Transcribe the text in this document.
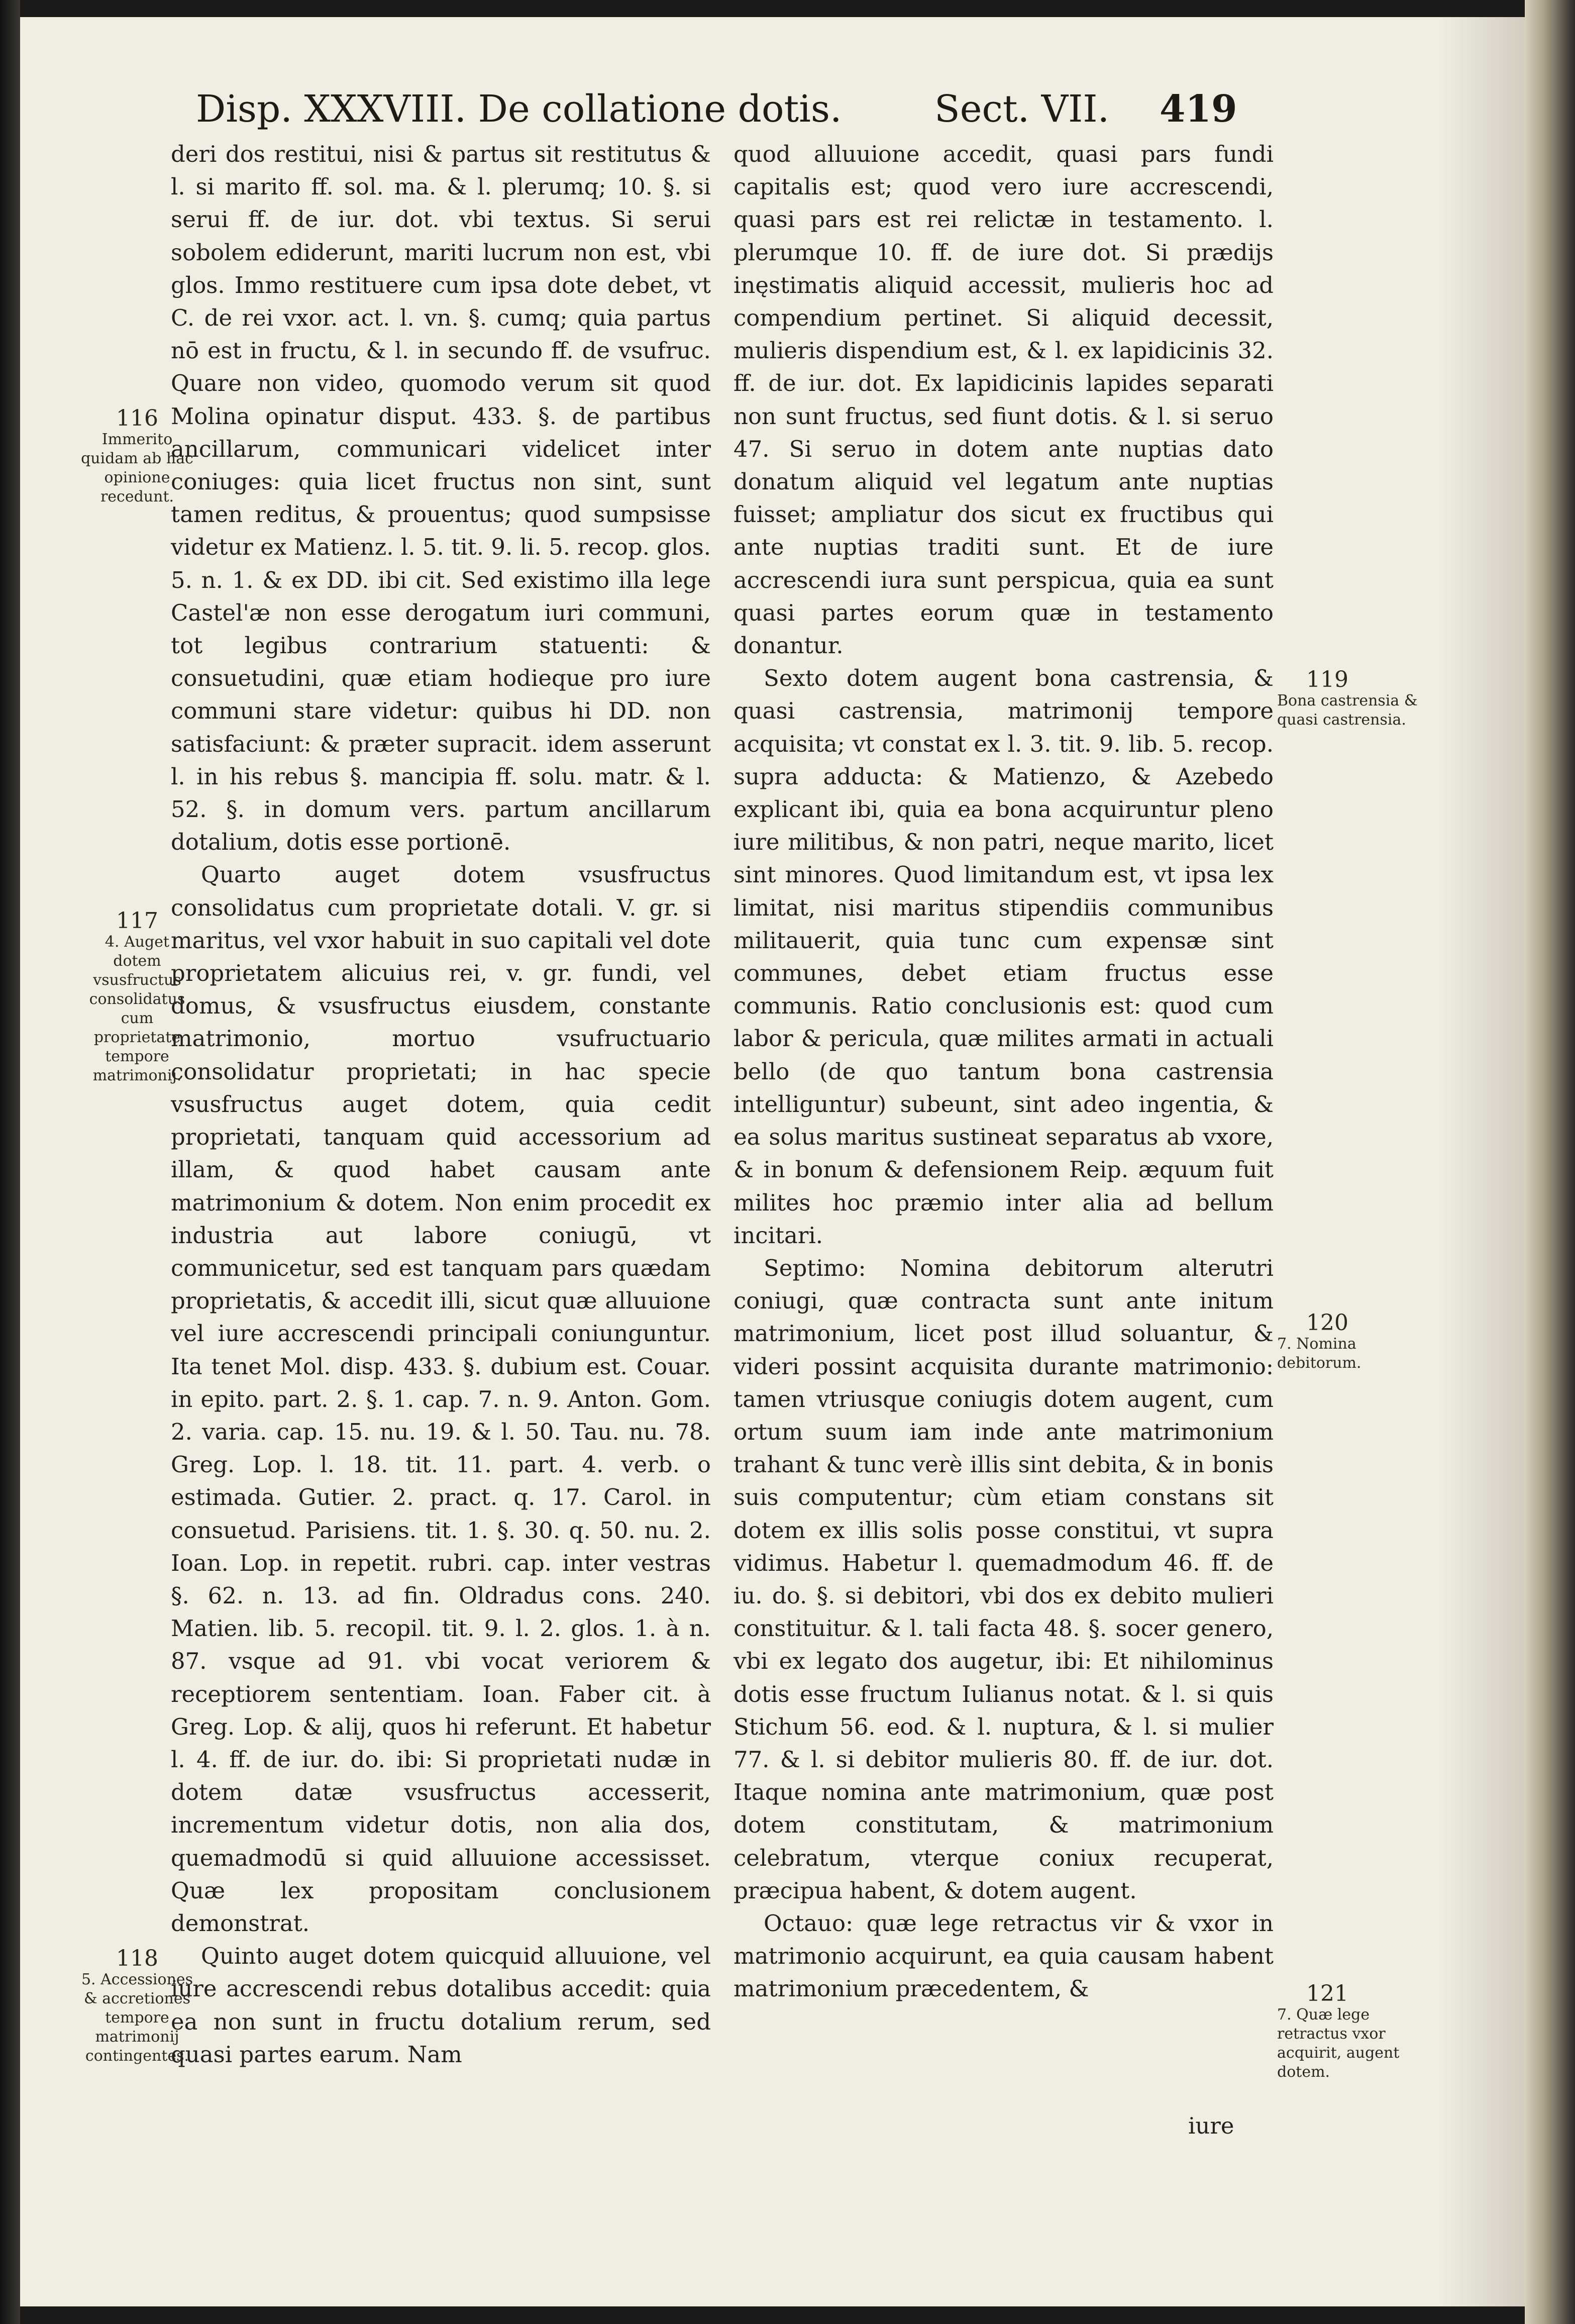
Disp. XXXVIII. De collatione dotis. Sect. VII. 419

deri dos restitui, nisi & partus sit restitutus & l. si marito ff. sol. ma. & l. plerumq; 10. §. si serui ff. de iur. dot. vbi textus. Si serui sobolem ediderunt, mariti lucrum non est, vbi glos. Immo restituere cum ipsa dote debet, vt C. de rei vxor. act. l. vn. §. cumq; quia partus nō est in fructu, & l. in secundo ff. de vsufruc. Quare non video, quomodo verum sit quod Molina opinatur disput. 433. §. de partibus ancillarum, communicari videlicet inter coniuges: quia licet fructus non sint, sunt tamen reditus, & prouentus; quod sumpsisse videtur ex Matienz. l. 5. tit. 9. li. 5. recop. glos. 5. n. 1. & ex DD. ibi cit. Sed existimo illa lege Castel'æ non esse derogatum iuri communi, tot legibus contrarium statuenti: & consuetudini, quæ etiam hodieque pro iure communi stare videtur: quibus hi DD. non satisfaciunt: & præter supracit. idem asserunt l. in his rebus §. mancipia ff. solu. matr. & l. 52. §. in domum vers. partum ancillarum dotalium, dotis esse portionē.

Quarto auget dotem vsusfructus consolidatus cum proprietate dotali. V. gr. si maritus, vel vxor habuit in suo capitali vel dote proprietatem alicuius rei, v. gr. fundi, vel domus, & vsusfructus eiusdem, constante matrimonio, mortuo vsufructuario consolidatur proprietati; in hac specie vsusfructus auget dotem, quia cedit proprietati, tanquam quid accessorium ad illam, & quod habet causam ante matrimonium & dotem. Non enim procedit ex industria aut labore coniugū, vt communicetur, sed est tanquam pars quædam proprietatis, & accedit illi, sicut quæ alluuione vel iure accrescendi principali coniunguntur. Ita tenet Mol. disp. 433. §. dubium est. Couar. in epito. part. 2. §. 1. cap. 7. n. 9. Anton. Gom. 2. varia. cap. 15. nu. 19. & l. 50. Tau. nu. 78. Greg. Lop. l. 18. tit. 11. part. 4. verb. o estimada. Gutier. 2. pract. q. 17. Carol. in consuetud. Parisiens. tit. 1. §. 30. q. 50. nu. 2. Ioan. Lop. in repetit. rubri. cap. inter vestras §. 62. n. 13. ad fin. Oldradus cons. 240. Matien. lib. 5. recopil. tit. 9. l. 2. glos. 1. à n. 87. vsque ad 91. vbi vocat veriorem & receptiorem sententiam. Ioan. Faber cit. à Greg. Lop. & alij, quos hi referunt. Et habetur l. 4. ff. de iur. do. ibi: Si proprietati nudæ in dotem datæ vsusfructus accesserit, incrementum videtur dotis, non alia dos, quemadmodū si quid alluuione accessisset. Quæ lex propositam conclusionem demonstrat.

Quinto auget dotem quicquid alluuione, vel iure accrescendi rebus dotalibus accedit: quia ea non sunt in fructu dotalium rerum, sed quasi partes earum. Nam

quod alluuione accedit, quasi pars fundi capitalis est; quod vero iure accrescendi, quasi pars est rei relictæ in testamento. l. plerumque 10. ff. de iure dot. Si prædijs inęstimatis aliquid accessit, mulieris hoc ad compendium pertinet. Si aliquid decessit, mulieris dispendium est, & l. ex lapidicinis 32. ff. de iur. dot. Ex lapidicinis lapides separati non sunt fructus, sed fiunt dotis. & l. si seruo 47. Si seruo in dotem ante nuptias dato donatum aliquid vel legatum ante nuptias fuisset; ampliatur dos sicut ex fructibus qui ante nuptias traditi sunt. Et de iure accrescendi iura sunt perspicua, quia ea sunt quasi partes eorum quæ in testamento donantur.

Sexto dotem augent bona castrensia, & quasi castrensia, matrimonij tempore acquisita; vt constat ex l. 3. tit. 9. lib. 5. recop. supra adducta: & Matienzo, & Azebedo explicant ibi, quia ea bona acquiruntur pleno iure militibus, & non patri, neque marito, licet sint minores. Quod limitandum est, vt ipsa lex limitat, nisi maritus stipendiis communibus militauerit, quia tunc cum expensæ sint communes, debet etiam fructus esse communis. Ratio conclusionis est: quod cum labor & pericula, quæ milites armati in actuali bello (de quo tantum bona castrensia intelliguntur) subeunt, sint adeo ingentia, & ea solus maritus sustineat separatus ab vxore, & in bonum & defensionem Reip. æquum fuit milites hoc præmio inter alia ad bellum incitari.

Septimo: Nomina debitorum alterutri coniugi, quæ contracta sunt ante initum matrimonium, licet post illud soluantur, & videri possint acquisita durante matrimonio: tamen vtriusque coniugis dotem augent, cum ortum suum iam inde ante matrimonium trahant & tunc verè illis sint debita, & in bonis suis computentur; cùm etiam constans sit dotem ex illis solis posse constitui, vt supra vidimus. Habetur l. quemadmodum 46. ff. de iu. do. §. si debitori, vbi dos ex debito mulieri constituitur. & l. tali facta 48. §. socer genero, vbi ex legato dos augetur, ibi: Et nihilominus dotis esse fructum Iulianus notat. & l. si quis Stichum 56. eod. & l. nuptura, & l. si mulier 77. & l. si debitor mulieris 80. ff. de iur. dot. Itaque nomina ante matrimonium, quæ post dotem constitutam, & matrimonium celebratum, vterque coniux recuperat, præcipua habent, & dotem augent.

Octauo: quæ lege retractus vir & vxor in matrimonio acquirunt, ea quia causam habent matrimonium præcedentem, &

iure
116
Immerito quidam ab hac opinione recedunt.
117
4. Auget dotem vsusfructus consolidatus cum proprietate tempore matrimonij.
118
5. Accessiones & accretiones tempore matrimonij contingentes.
119
Bona castrensia & quasi castrensia.
120
7. Nomina debitorum.
121
7. Quæ lege retractus vxor acquirit, augent dotem.
